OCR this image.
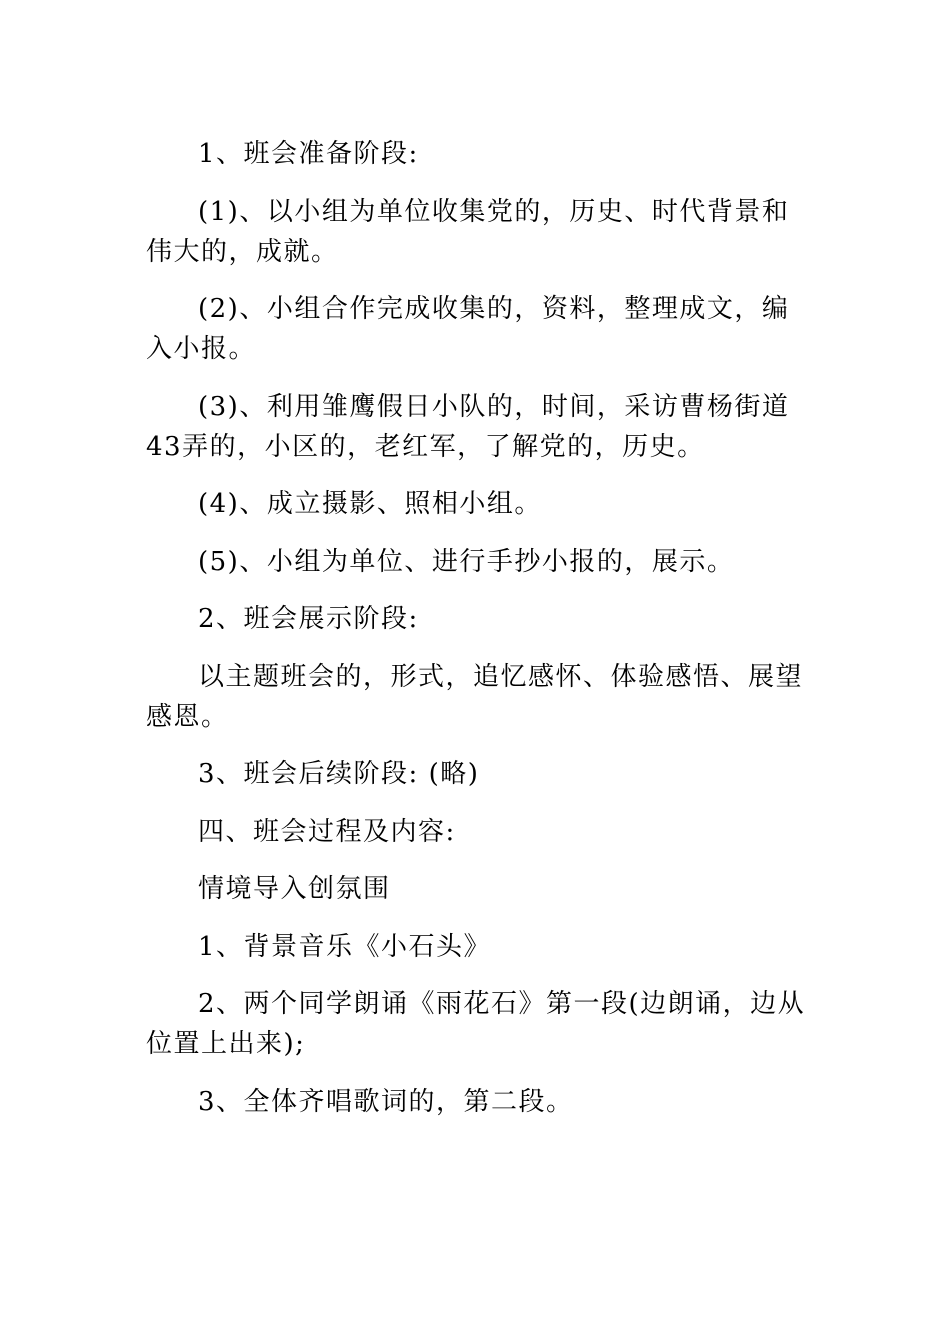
1、班会准备阶段:

(1)、以小组为单位收集党的，历史、时代背景和伟大的，成就。

(2)、小组合作完成收集的，资料，整理成文，编入小报。

(3)、利用雏鹰假日小队的，时间，采访曹杨街道43弄的，小区的，老红军，了解党的，历史。

(4)、成立摄影、照相小组。

(5)、小组为单位、进行手抄小报的，展示。

2、班会展示阶段:

以主题班会的，形式，追忆感怀、体验感悟、展望感恩。

3、班会后续阶段: (略)

四、班会过程及内容:

情境导入创氛围

1、背景音乐《小石头》

2、两个同学朗诵《雨花石》第一段(边朗诵，边从位置上出来);

3、全体齐唱歌词的，第二段。
